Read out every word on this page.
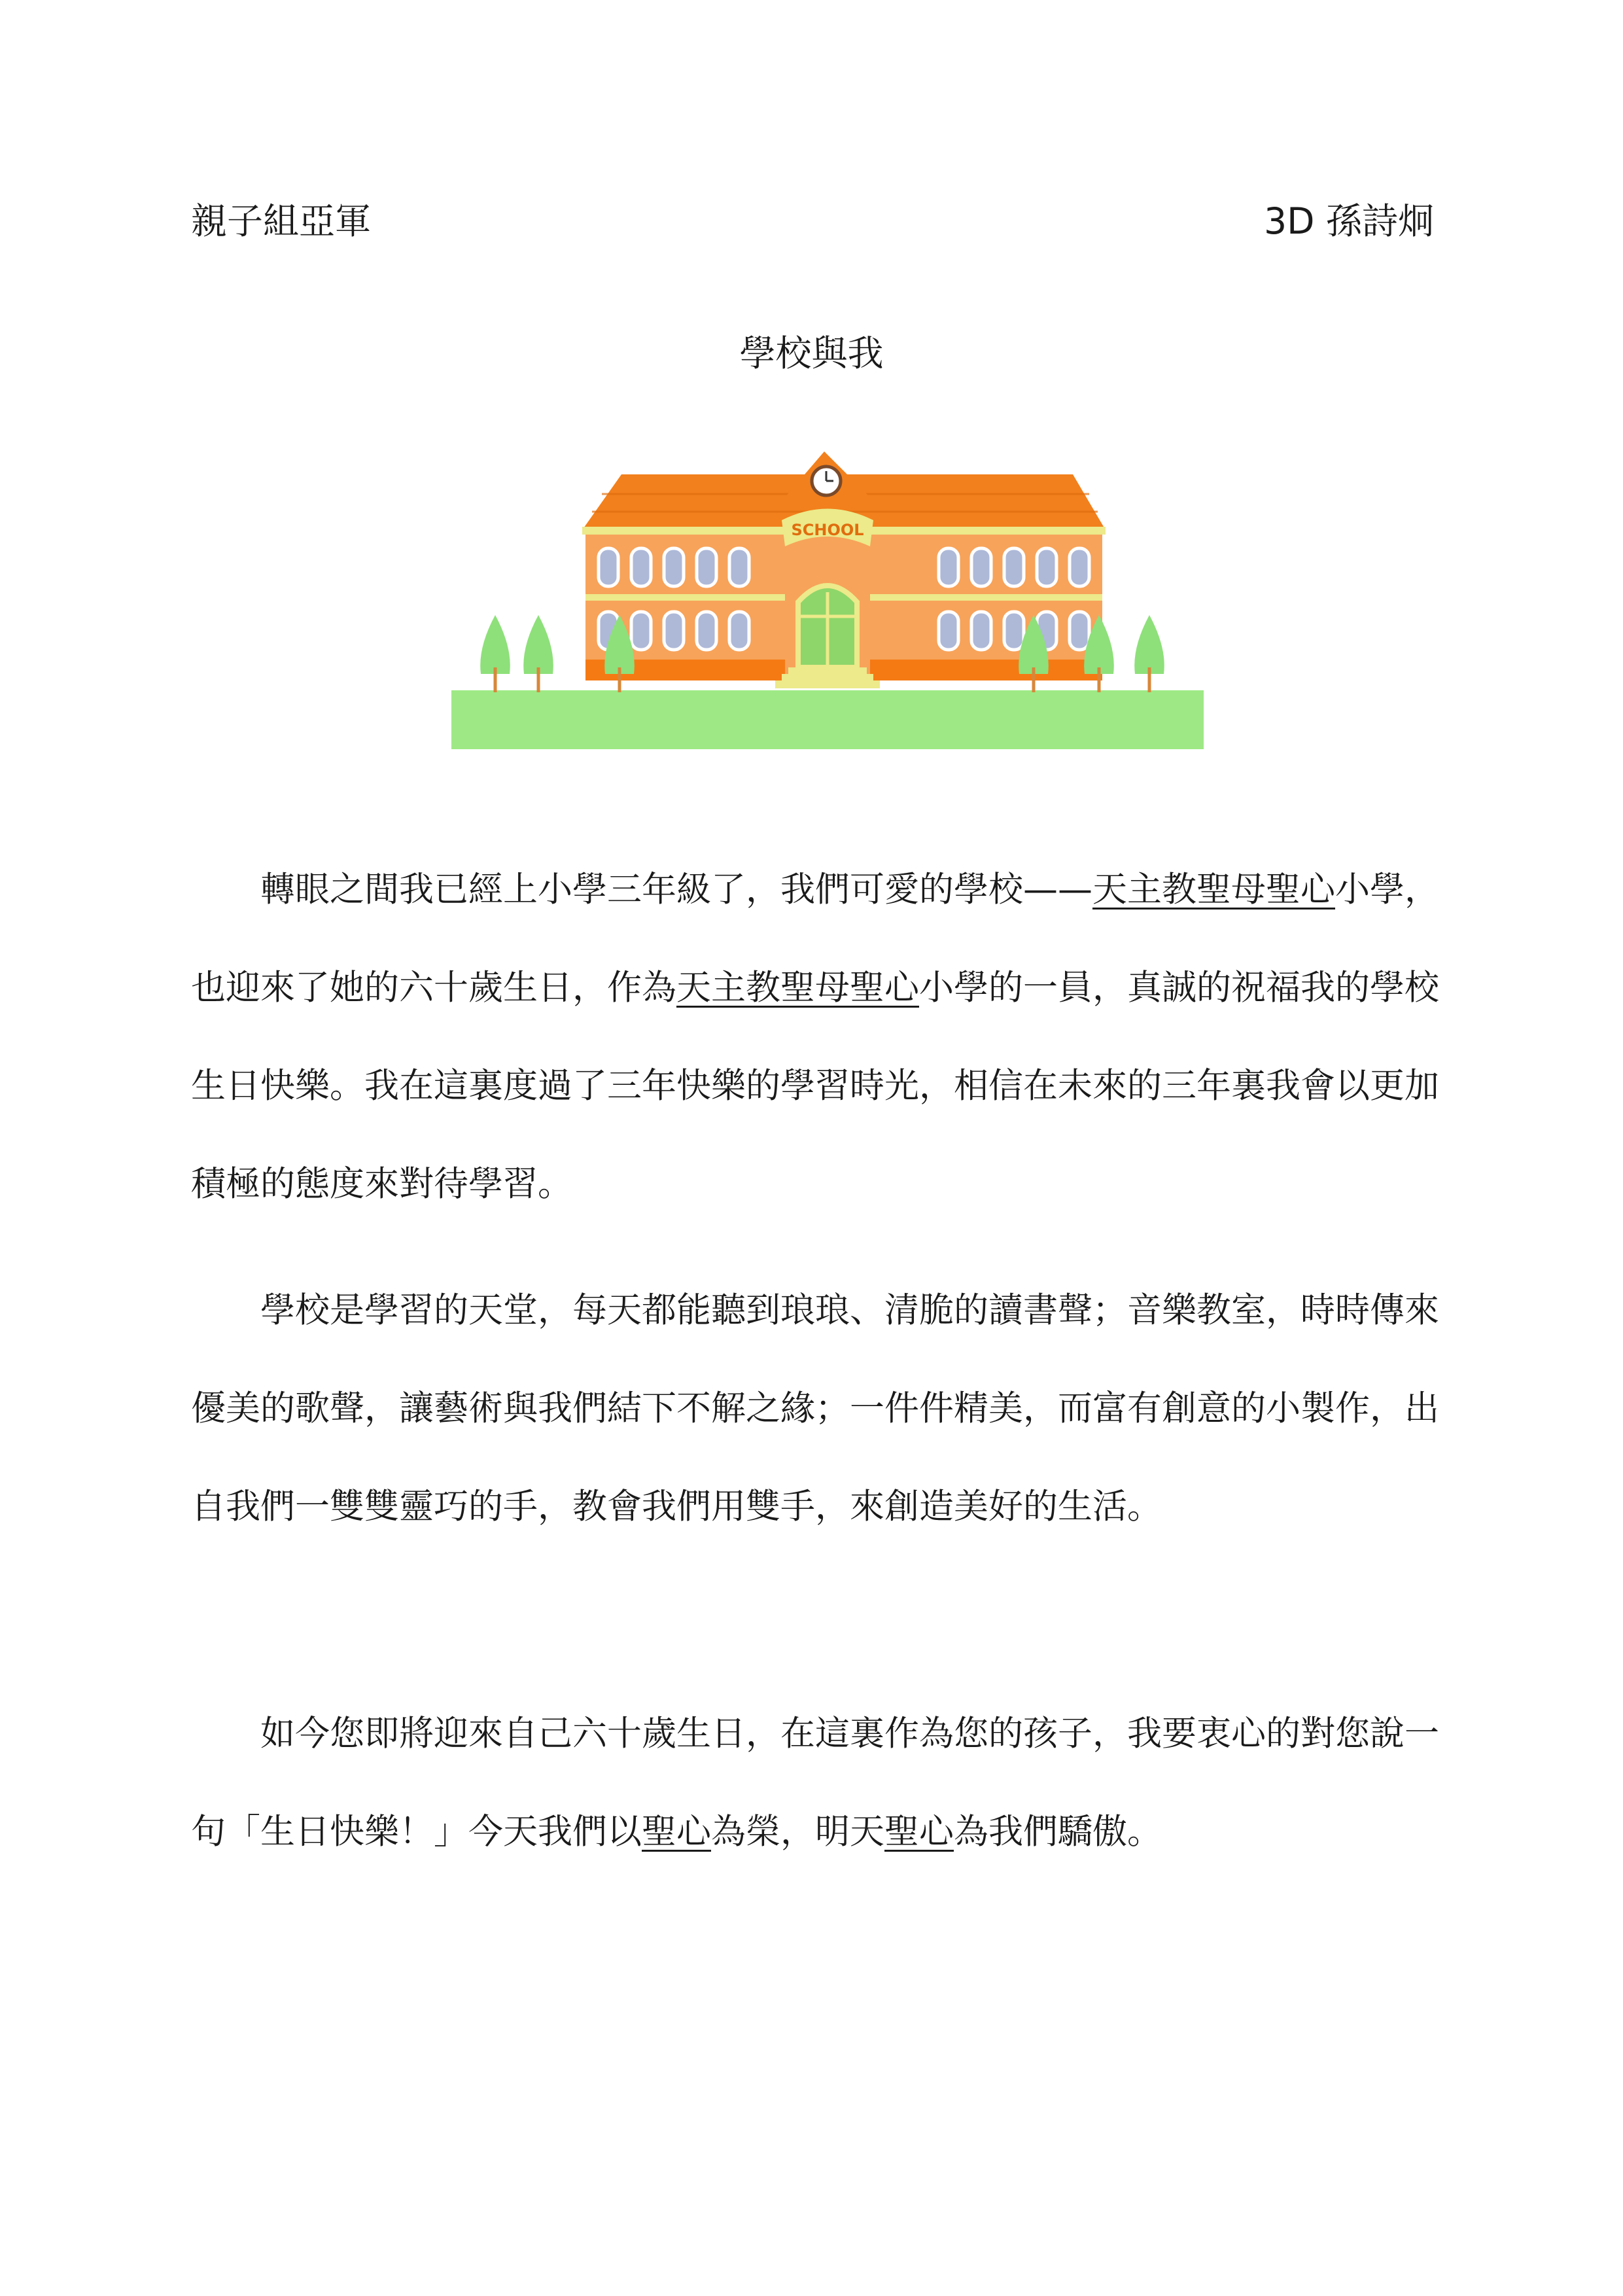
親子組亞軍	3D 孫詩炯
學校與我
SCHOOL

轉眼之間我已經上小學三年級了，我們可愛的學校——天主教聖母聖心小學，也迎來了她的六十歲生日，作為天主教聖母聖心小學的一員，真誠的祝福我的學校生日快樂。我在這裏度過了三年快樂的學習時光，相信在未來的三年裏我會以更加積極的態度來對待學習。

學校是學習的天堂，每天都能聽到琅琅、清脆的讀書聲；音樂教室，時時傳來優美的歌聲，讓藝術與我們結下不解之緣；一件件精美，而富有創意的小製作，出自我們一雙雙靈巧的手，教會我們用雙手，來創造美好的生活。

如今您即將迎來自己六十歲生日，在這裏作為您的孩子，我要衷心的對您說一句「生日快樂！」今天我們以聖心為榮，明天聖心為我們驕傲。
